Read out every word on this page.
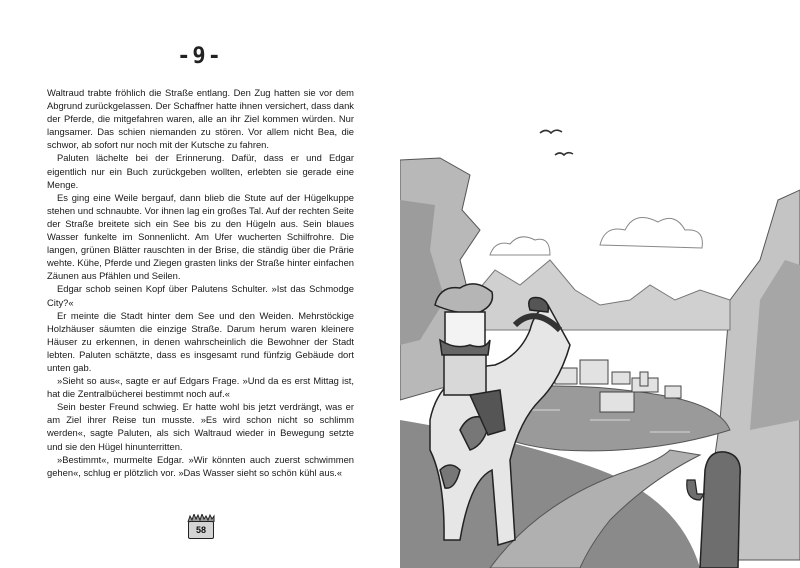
-9-

Waltraud trabte fröhlich die Straße entlang. Den Zug hatten sie vor dem Abgrund zurückgelassen. Der Schaffner hatte ihnen versichert, dass dank der Pferde, die mitgefahren waren, alle an ihr Ziel kommen würden. Nur langsamer. Das schien niemanden zu stören. Vor allem nicht Bea, die schwor, ab sofort nur noch mit der Kutsche zu fahren.

Paluten lächelte bei der Erinnerung. Dafür, dass er und Edgar eigentlich nur ein Buch zurückgeben wollten, erlebten sie gerade eine Menge.

Es ging eine Weile bergauf, dann blieb die Stute auf der Hügelkuppe stehen und schnaubte. Vor ihnen lag ein großes Tal. Auf der rechten Seite der Straße breitete sich ein See bis zu den Hügeln aus. Sein blaues Wasser funkelte im Sonnenlicht. Am Ufer wucherten Schilfrohre. Die langen, grünen Blätter rauschten in der Brise, die ständig über die Prärie wehte. Kühe, Pferde und Ziegen grasten links der Straße hinter einfachen Zäunen aus Pfählen und Seilen.

Edgar schob seinen Kopf über Palutens Schulter. »Ist das Schmodge City?«

Er meinte die Stadt hinter dem See und den Weiden. Mehrstöckige Holzhäuser säumten die einzige Straße. Darum herum waren kleinere Häuser zu erkennen, in denen wahrscheinlich die Bewohner der Stadt lebten. Paluten schätzte, dass es insgesamt rund fünfzig Gebäude dort unten gab.

»Sieht so aus«, sagte er auf Edgars Frage. »Und da es erst Mittag ist, hat die Zentralbücherei bestimmt noch auf.«

Sein bester Freund schwieg. Er hatte wohl bis jetzt verdrängt, was er am Ziel ihrer Reise tun musste. »Es wird schon nicht so schlimm werden«, sagte Paluten, als sich Waltraud wieder in Bewegung setzte und sie den Hügel hinunterritten.

»Bestimmt«, murmelte Edgar. »Wir könnten auch zuerst schwimmen gehen«, schlug er plötzlich vor. »Das Wasser sieht so schön kühl aus.«

58
